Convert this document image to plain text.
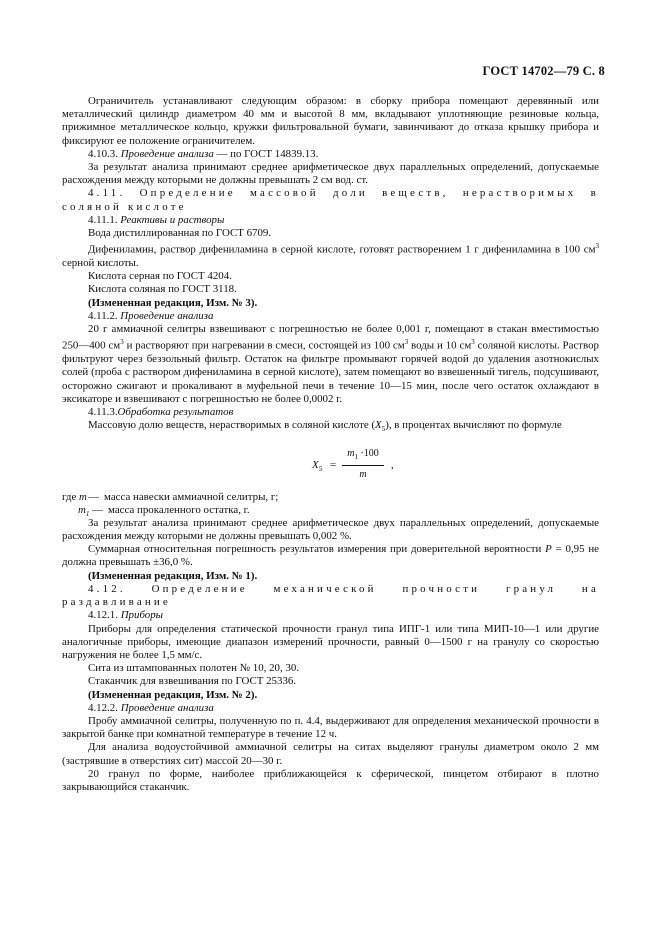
ГОСТ 14702—79 С. 8

Ограничитель устанавливают следующим образом: в сборку прибора помещают деревянный или металлический цилиндр диаметром 40 мм и высотой 8 мм, вкладывают уплотняющие резиновые кольца, прижимное металлическое кольцо, кружки фильтровальной бумаги, завинчивают до отказа крышку прибора и фиксируют ее положение ограничителем.

4.10.3. Проведение анализа — по ГОСТ 14839.13.

За результат анализа принимают среднее арифметическое двух параллельных определений, допускаемые расхождения между которыми не должны превышать 2 см вод. ст.

4.11. Определение массовой доли веществ, нерастворимых в соляной кислоте

4.11.1. Реактивы и растворы

Вода дистиллированная по ГОСТ 6709.

Дифениламин, раствор дифениламина в серной кислоте, готовят растворением 1 г дифениламина в 100 $см^3$ серной кислоты.

Кислота серная по ГОСТ 4204.

Кислота соляная по ГОСТ 3118.

(Измененная редакция, Изм. № 3).

4.11.2. Проведение анализа

20 г аммиачной селитры взвешивают с погрешностью не более 0,001 г, помещают в стакан вместимостью 250—400 $см^3$ и растворяют при нагревании в смеси, состоящей из 100 $см^3$ воды и 10 $см^3$ соляной кислоты. Раствор фильтруют через беззольный фильтр. Остаток на фильтре промывают горячей водой до удаления азотнокислых солей (проба с раствором дифениламина в серной кислоте), затем помещают во взвешенный тигель, подсушивают, осторожно сжигают и прокаливают в муфельной печи в течение 10—15 мин, после чего остаток охлаждают в эксикаторе и взвешивают с погрешностью не более 0,0002 г.

4.11.3.Обработка результатов

Массовую долю веществ, нерастворимых в соляной кислоте $(X_5)$, в процентах вычисляют по формуле

$X_5 = \frac{m_1 \cdot 100}{m}$ ,
где m — масса навески аммиачной селитры, г;
$m_1$ — масса прокаленного остатка, г.

За результат анализа принимают среднее арифметическое двух параллельных определений, допускаемые расхождения между которыми не должны превышать 0,002 %.

Суммарная относительная погрешность результатов измерения при доверительной вероятности P = 0,95 не должна превышать ±36,0 %.

(Измененная редакция, Изм. № 1).

4.12. Определение механической прочности гранул на раздавливание

4.12.1. Приборы

Приборы для определения статической прочности гранул типа ИПГ-1 или типа МИП-10—1 или другие аналогичные приборы, имеющие диапазон измерений прочности, равный 0—1500 г на гранулу со скоростью нагружения не более 1,5 мм/с.

Сита из штампованных полотен № 10, 20, 30.

Стаканчик для взвешивания по ГОСТ 25336.

(Измененная редакция, Изм. № 2).

4.12.2. Проведение анализа

Пробу аммиачной селитры, полученную по п. 4.4, выдерживают для определения механической прочности в закрытой банке при комнатной температуре в течение 12 ч.

Для анализа водоустойчивой аммиачной селитры на ситах выделяют гранулы диаметром около 2 мм (застрявшие в отверстиях сит) массой 20—30 г.

20 гранул по форме, наиболее приближающейся к сферической, пинцетом отбирают в плотно закрывающийся стаканчик.
